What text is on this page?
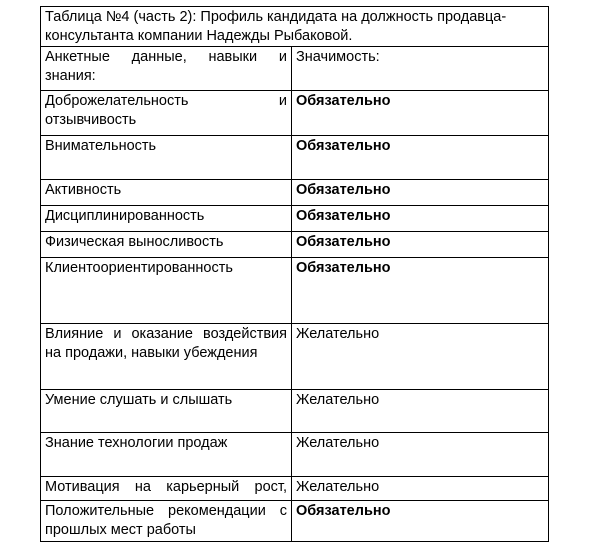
Таблица №4 (часть 2): Профиль кандидата на должность продавца-консультанта компании Надежды Рыбаковой.	
Анкетные данные, навыки и знания:	Значимость:
Доброжелательность и отзывчивость	Обязательно
Внимательность	Обязательно
Активность	Обязательно
Дисциплинированность	Обязательно
Физическая выносливость	Обязательно
Клиентоориентированность	Обязательно
Влияние и оказание воздействия на продажи, навыки убеждения	Желательно
Умение слушать и слышать	Желательно
Знание технологии продаж	Желательно
Мотивация на карьерный рост,	Желательно
Положительные рекомендации с прошлых мест работы	Обязательно
